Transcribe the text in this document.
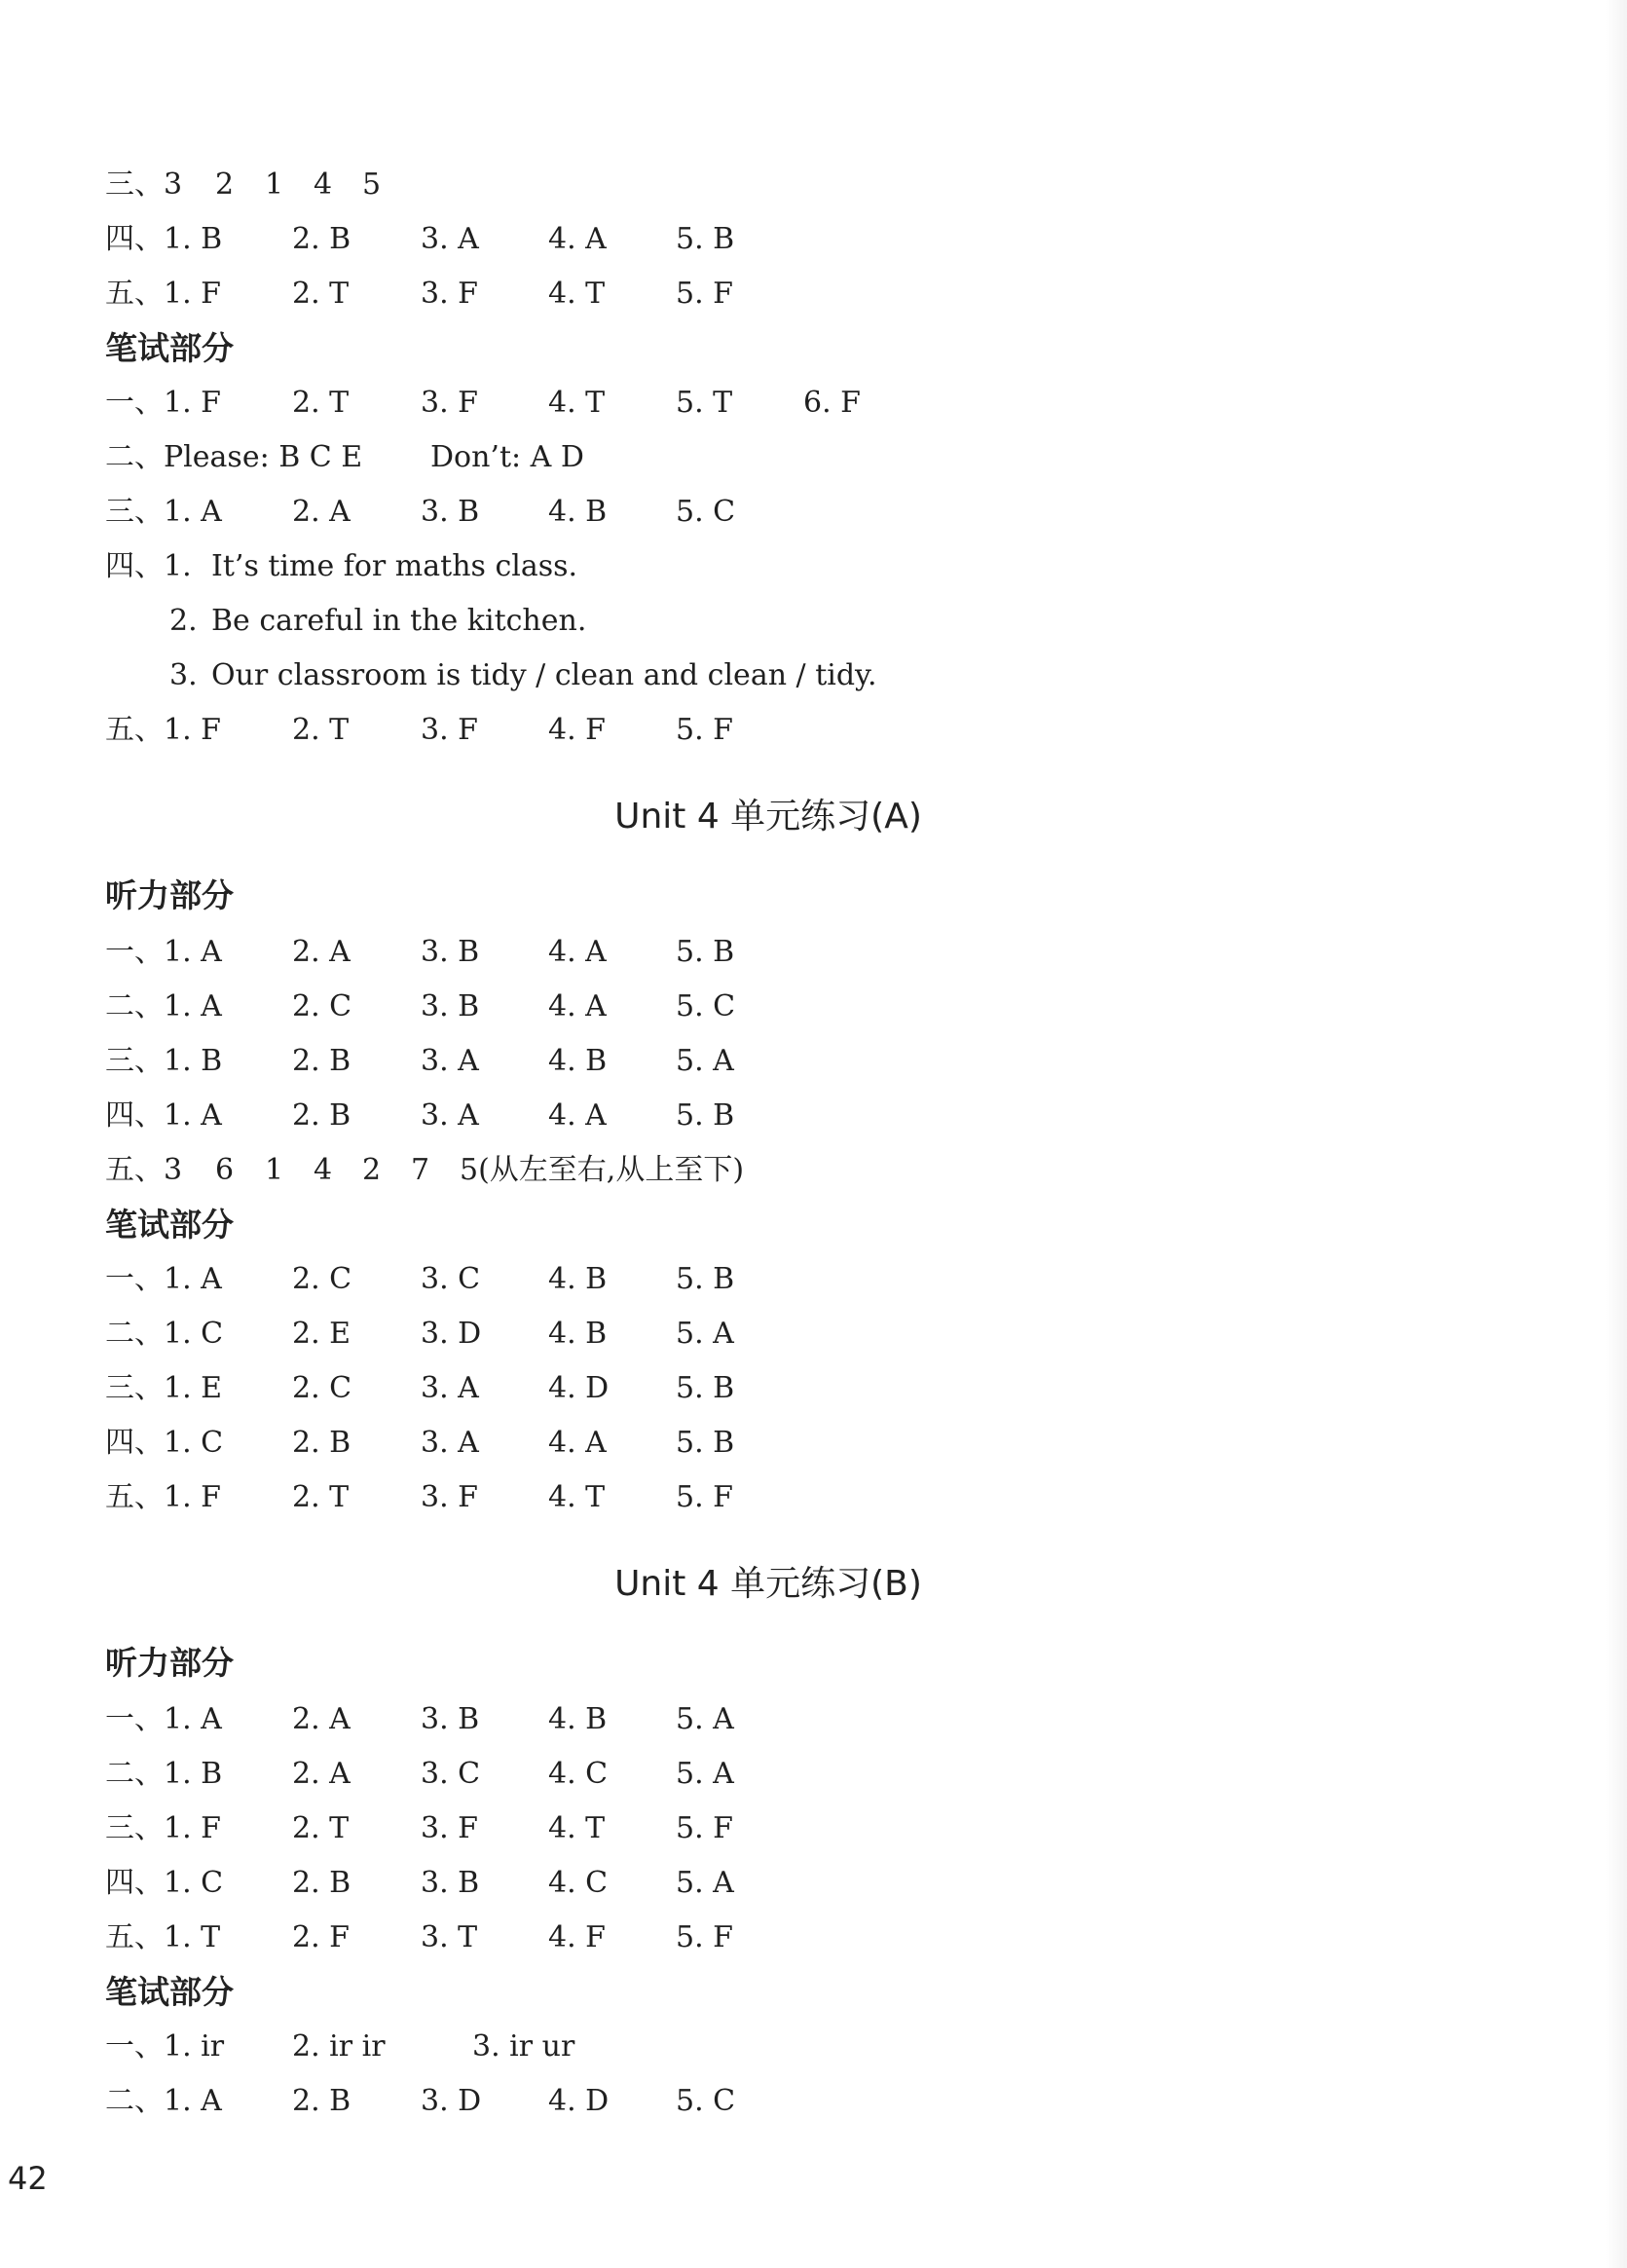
三、3 2 1 4 5
四、1. B 2. B 3. A 4. A 5. B
五、1. F 2. T 3. F 4. T 5. F
笔试部分
一、1. F 2. T 3. F 4. T 5. T 6. F
二、Please: B C E Don’t: A D
三、1. A 2. A 3. B 4. B 5. C
四、1. It’s time for maths class.
2. Be careful in the kitchen.
3. Our classroom is tidy / clean and clean / tidy.
五、1. F 2. T 3. F 4. F 5. F
Unit 4 单元练习(A)
听力部分
一、1. A 2. A 3. B 4. A 5. B
二、1. A 2. C 3. B 4. A 5. C
三、1. B 2. B 3. A 4. B 5. A
四、1. A 2. B 3. A 4. A 5. B
五、3 6 1 4 2 7 5(从左至右,从上至下)
笔试部分
一、1. A 2. C 3. C 4. B 5. B
二、1. C 2. E 3. D 4. B 5. A
三、1. E 2. C 3. A 4. D 5. B
四、1. C 2. B 3. A 4. A 5. B
五、1. F 2. T 3. F 4. T 5. F
Unit 4 单元练习(B)
听力部分
一、1. A 2. A 3. B 4. B 5. A
二、1. B 2. A 3. C 4. C 5. A
三、1. F 2. T 3. F 4. T 5. F
四、1. C 2. B 3. B 4. C 5. A
五、1. T 2. F 3. T 4. F 5. F
笔试部分
一、1. ir 2. ir ir	3. ir ur
二、1. A 2. B 3. D 4. D 5. C
42
